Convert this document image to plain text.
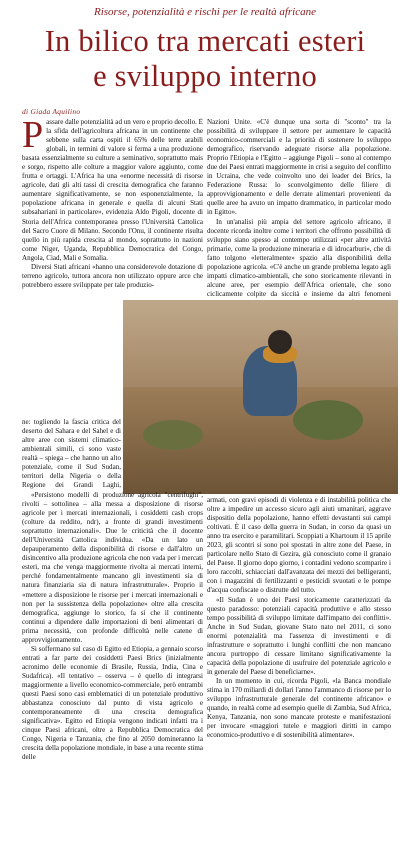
Risorse, potenzialità e rischi per le realtà africane
In bilico tra mercati esteri
e sviluppo interno
di Giada Aquilino

Passare dalle potenzialità ad un vero e proprio decollo. È la sfida dell'agricoltura africana in un continente che sebbene sulla carta ospiti il 65% delle terre arabili globali, in termini di valore si ferma a una produzione basata essenzialmente su culture a seminativo, soprattutto mais e sorgo, rispetto alle colture a maggior valore aggiunto, come frutta e ortaggi. L'Africa ha una «enorme necessità di risorse agricole, dati gli alti tassi di crescita demografica che faranno aumentare significativamente, se non esponenzialmente, la popolazione africana in generale e quella di alcuni Stati subsahariani in particolare», evidenzia Aldo Pigoli, docente di Storia dell'Africa contemporanea presso l'Università Cattolica del Sacro Cuore di Milano. Secondo l'Onu, il continente risulta quello in più rapida crescita al mondo, soprattutto in nazioni come Niger, Uganda, Repubblica Democratica del Congo, Angola, Ciad, Mali e Somalia.

Diversi Stati africani «hanno una considerevole dotazione di terreno agricolo, tuttora ancora non utilizzato oppure arce che potrebbero essere sviluppate per tale produzio-

ne: togliendo la fascia critica del deserto del Sahara e del Sahel e di altre aree con sistemi climatico-ambientali simili, ci sono vaste realtà – spiega – che hanno un alto potenziale, come il Sud Sudan, territori della Nigeria o della Regione dei Grandi Laghi,

«Persistono modelli di produzione agricola "centrifughi", rivolti – sottolinea – alla messa a disposizione di risorse agricole per i mercati internazionali, i cosiddetti cash crops (colture da reddito, ndr), a fronte di grandi investimenti soprattutto internazionali». Due le criticità che il docente dell'Università Cattolica individua. «Da un lato un depauperamento della disponibilità di risorse e dall'altro un disincentivo alla produzione agricola che non vada per i mercati esteri, ma che venga maggiormente rivolta ai mercati interni, perché fondamentalmente mancano gli investimenti sia di natura finanziaria sia di natura infrastrutturale». Proprio il «mettere a disposizione le risorse per i mercati internazionali e non per la sussistenza della popolazione» oltre alla crescita demografica, aggiunge lo storico, fa sì che il continente continui a dipendere dalle importazioni di beni alimentari di prima necessità, con profonde difficoltà nelle catene di approvvigionamento.

Si soffermano sul caso di Egitto ed Etiopia, a gennaio scorso entrati a far parte dei cosiddetti Paesi Brics (inizialmente acronimo delle economie di Brasile, Russia, India, Cina e Sudafrica). «Il tentativo – osserva – è quello di integrarsi maggiormente a livello economico-commerciale, però entrambi questi Paesi sono casi emblematici di un potenziale produttivo abbastanza conosciuto dal punto di vista agricolo e contemporaneamente di una crescita demografica significativa». Egitto ed Etiopia vengono indicati infatti tra i cinque Paesi africani, oltre a Repubblica Democratica del Congo, Nigeria e Tanzania, che fino al 2050 domineranno la crescita della popolazione mondiale, in base a una recente stima delle

Nazioni Unite. «C'è dunque una sorta di "sconto" tra la possibilità di sviluppare il settore per aumentare le capacità economico-commerciali e la priorità di sostenere lo sviluppo demografico, riservando adeguate risorse alla popolazione. Proprio l'Etiopia e l'Egitto – aggiunge Pigoli – sono al contempo due dei Paesi entrati maggiormente in crisi a seguito del conflitto in Ucraina, che vede coinvolto uno dei leader dei Brics, la Federazione Russa: lo sconvolgimento delle filiere di approvvigionamento e delle derrate alimentari provenienti da quelle aree ha avuto un impatto drammatico, in particolar modo in Egitto».

In un'analisi più ampia del settore agricolo africano, il docente ricorda inoltre come i territori che offrono possibilità di sviluppo siano spesso al contempo utilizzati «per altre attività primarie, come la produzione mineraria e di idrocarburi», che di fatto tolgono «letteralmente» spazio alla disponibilità della popolazione agricola. «C'è anche un grande problema legato agli impatti climatico-ambientali, che sono storicamente rilevanti in alcune aree, per esempio dell'Africa orientale, che sono ciclicamente colpite da siccità e insieme da altri fenomeni

armati, con gravi episodi di violenza e di instabilità politica che oltre a impedire un accesso sicuro agli aiuti umanitari, aggrave dispositio della popolazione, hanno effetti devastanti sui campi coltivati. È il caso della guerra in Sudan, in corso da quasi un anno tra esercito e paramilitari. Scoppiati a Khartoum il 15 aprile 2023, gli scontri si sono poi spostati in altre zone del Paese, in particolare nello Stato di Gezira, già conosciuto come il granaio del Paese. Il giorno dopo giorno, i contadini vedono scomparire i loro raccolti, schiacciati dall'avanzata dei mezzi dei belligeranti, con i magazzini di fertilizzanti e pesticidi svuotati e le pompe d'acqua confiscate o distrutte del tutto.

«Il Sudan è uno dei Paesi storicamente caratterizzati da questo paradosso: potenziali capacità produttive e allo stesso tempo possibilità di sviluppo limitate dall'impatto dei conflitti». Anche in Sud Sudan, giovane Stato nato nel 2011, ci sono enormi potenzialità ma l'assenza di investimenti e di infrastrutture e soprattutto i lunghi conflitti che non mancano ancora purtroppo di cessare limitano significativamente la capacità della popolazione di usufruire del potenziale agricolo e in generale del Paese di beneficiarne».

In un momento in cui, ricorda Pigoli, «la Banca mondiale stima in 170 miliardi di dollari l'anno l'ammanco di risorse per lo sviluppo infrastrutturale generale del continente africano» e quando, in realtà come ad esempio quelle di Zambia, Sud Africa, Kenya, Tanzania, non sono mancate proteste e manifestazioni per invocare «maggiori tutele e maggiori diritti in campo economico-produttivo e di sostenibilità alimentare».
